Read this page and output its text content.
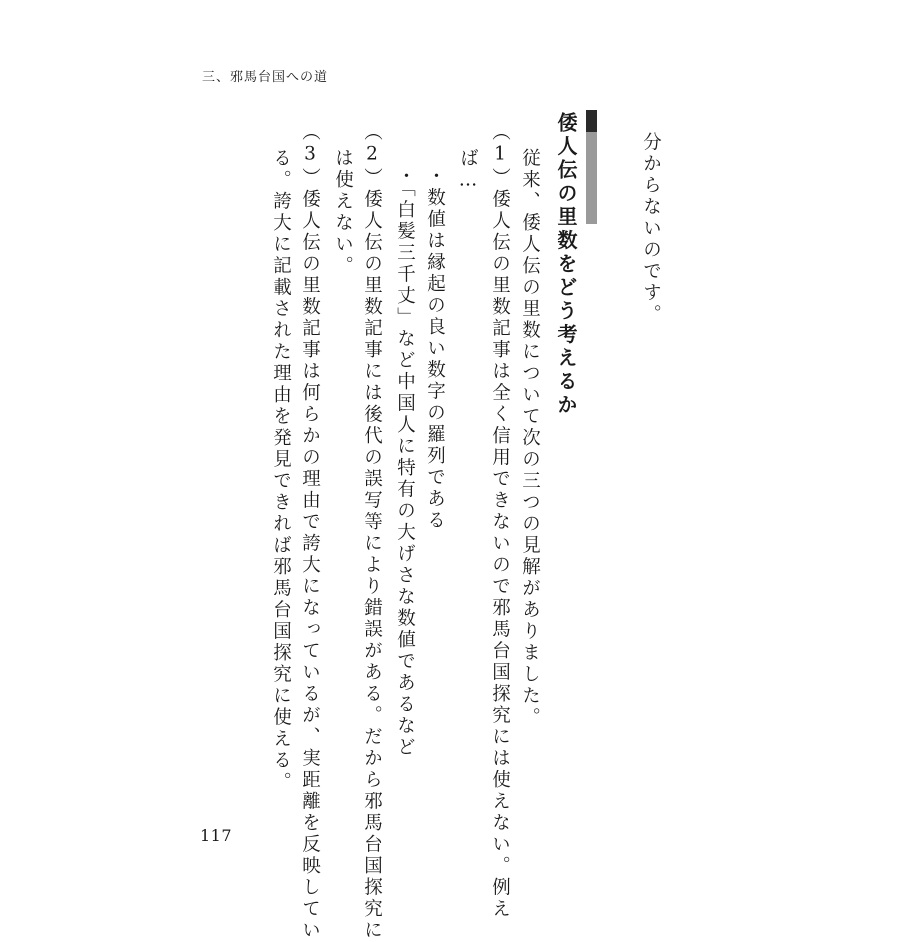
三、邪馬台国への道
分からないのです。
倭人伝の里数をどう考えるか
従来、倭人伝の里数について次の三つの見解がありました。
（1）倭人伝の里数記事は全く信用できないので邪馬台国探究には使えない。例え
ば…
・数値は縁起の良い数字の羅列である
・「白髪三千丈」など中国人に特有の大げさな数値であるなど
（2）倭人伝の里数記事には後代の誤写等により錯誤がある。だから邪馬台国探究に
は使えない。
（3）倭人伝の里数記事は何らかの理由で誇大になっているが、実距離を反映してい
る。誇大に記載された理由を発見できれば邪馬台国探究に使える。
117
